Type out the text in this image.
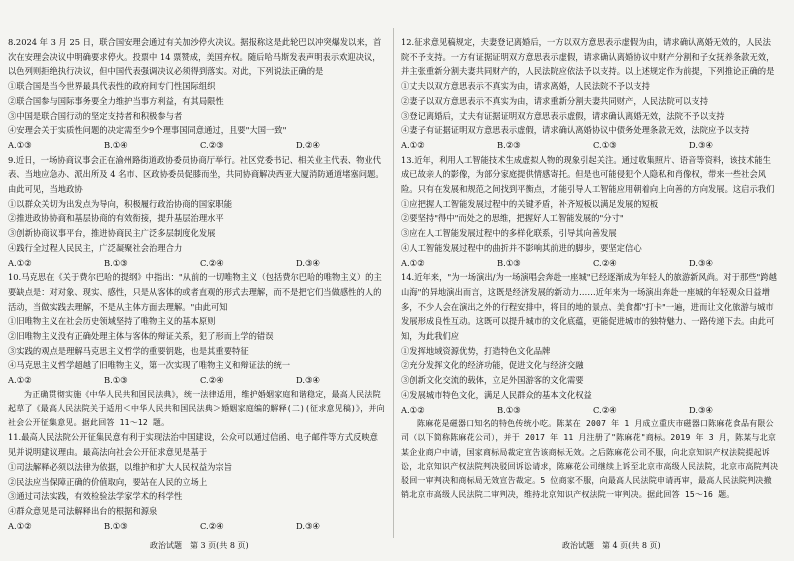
8.2024 年 3 月 25 日，联合国安理会通过有关加沙停火决议。据报称这是此轮巴以冲突爆发以来，首次在安理会决议中明确要求停火。投票中 14 票赞成，美国弃权。随后哈马斯发表声明表示欢迎决议，以色列则拒绝执行决议，但中国代表强调决议必须得到落实。对此，下列说法正确的是
①联合国是当今世界最具代表性的政府间专门性国际组织
②联合国参与国际事务要全力维护当事方利益，有其局限性
③中国是联合国行动的坚定支持者和积极参与者
④安理会关于实质性问题的决定需至少9个理事国同意通过，且要"大国一致"
A.①③	B.①④	C.②③	D.②④
9.近日，一场协商议事会正在渝州路街道政协委员协商厅举行。社区党委书记、相关业主代表、物业代表、当地应急办、派出所及 4 名市、区政协委员促膝而坐，共同协商解决西亚大厦消防通道堵塞问题。由此可见，当地政协
①以群众关切为出发点为导向，积极履行政治协商的国家职能
②推进政协协商和基层协商的有效衔接，提升基层治理水平
③创新协商议事平台，推进协商民主广泛多层制度化发展
④践行全过程人民民主，广泛凝聚社会治理合力
A.①②	B.①③	C.②④	D.③④
10.马克思在《关于费尔巴哈的提纲》中指出："从前的一切唯物主义（包括费尔巴哈的唯物主义）的主要缺点是：对对象、现实、感性，只是从客体的或者直观的形式去理解，而不是把它们当做感性的人的活动，当做实践去理解，不是从主体方面去理解。"由此可知
①旧唯物主义在社会历史领域坚持了唯物主义的基本原则
②旧唯物主义没有正确处理主体与客体的辩证关系，犯了形而上学的错误
③实践的观点是理解马克思主义哲学的重要钥匙，也是其重要特征
④马克思主义哲学超越了旧唯物主义，第一次实现了唯物主义和辩证法的统一
A.①②	B.①③	C.②④	D.③④
为正确贯彻实施《中华人民共和国民法典》，统一法律适用，维护婚姻家庭和谐稳定，最高人民法院起草了《最高人民法院关于适用＜中华人民共和国民法典＞婚姻家庭编的解释(二)(征求意见稿)》，并向社会公开征集意见。据此回答 11～12 题。
11.最高人民法院公开征集民意有利于实现法治中国建设，公众可以通过信函、电子邮件等方式反映意见并说明建议理由。最高法向社会公开征求意见是基于
①司法解释必须以法律为依据，以维护和扩大人民权益为宗旨
②民法应当保障正确的价值取向，要站在人民的立场上
③通过司法实践，有效检验法学家学术的科学性
④群众意见是司法解释出台的根据和源泉
A.①②	B.①③	C.②④	D.③④
12.征求意见稿规定，夫妻登记离婚后，一方以双方意思表示虚假为由，请求确认离婚无效的，人民法院不予支持。一方有证据证明双方意思表示虚假，请求确认离婚协议中财产分割和子女抚养条款无效，并主张重新分割夫妻共同财产的，人民法院应依法予以支持。以上述规定作为前提，下列推论正确的是
①丈夫以双方意思表示不真实为由，请求离婚，人民法院不予以支持
②妻子以双方意思表示不真实为由，请求重新分割夫妻共同财产，人民法院可以支持
③登记离婚后，丈夫有证据证明双方意思表示虚假，请求确认离婚无效，法院不予以支持
④妻子有证据证明双方意思表示虚假，请求确认离婚协议中债务处理条款无效，法院应予以支持
A.①②	B.②③	C.①③	D.③④
13.近年，利用人工智能技术生成虚拟人物的现象引起关注。通过收集照片、语音等资料，该技术能生成已故亲人的影像，为部分家庭提供情感寄托。但是也可能侵犯个人隐私和肖像权，带来一些社会风险。只有在发展和规范之间找到平衡点，才能引导人工智能应用朝着向上向善的方向发展。这启示我们
①应把握人工智能发展过程中的关键矛盾，补齐短板以满足发展的短板
②要坚持"得中"而处之的思维，把握好人工智能发展的"分寸"
③应在人工智能发展过程中的多样化联系，引导其向善发展
④人工智能发展过程中的曲折并不影响其前进的脚步，要坚定信心
A.①②	B.①③	C.②④	D.③④
14.近年来，"为一场演出/为一场演唱会奔赴一座城"已经逐渐成为年轻人的旅游新风尚。对于那些"跨越山海"的异地演出而言，这既是经济发展的新动力……近年来为一场演出奔赴一座城的年轻观众日益增多，不少人会在演出之外的行程安排中，将目的地的景点、美食都"打卡"一遍，进而让文化旅游与城市发展形成良性互动。这既可以提升城市的文化底蕴，更能促进城市的独特魅力、一路传递下去。由此可知，为此我们应
①发挥地域资源优势，打造特色文化品牌
②充分发挥文化的经济功能，促进文化与经济交融
③创新文化交流的载体，立足外国游客的文化需要
④发展城市特色文化，满足人民群众的基本文化权益
A.①②	B.①③	C.②④	D.③④
陈麻花是磁器口知名的特色传统小吃。陈某在 2007 年 1 月成立重庆市磁器口陈麻花食品有限公司（以下简称陈麻花公司），并于 2017 年 11 月注册了"陈麻花"商标。2019 年 3 月，陈某与北京某企业商户中请，国家商标局裁定宣告该商标无效。之后陈麻花公司不服，向北京知识产权法院提起诉讼，北京知识产权法院判决驳回诉讼请求，陈麻花公司继续上诉至北京市高级人民法院，北京市高院判决驳回一审判决和商标局无效宣告裁定。5 位商家不服，向最高人民法院申请再审，最高人民法院判决撤销北京市高级人民法院二审判决，维持北京知识产权法院一审判决。据此回答 15～16 题。
政治试题　第 3 页(共 8 页)	政治试题　第 4 页(共 8 页)
